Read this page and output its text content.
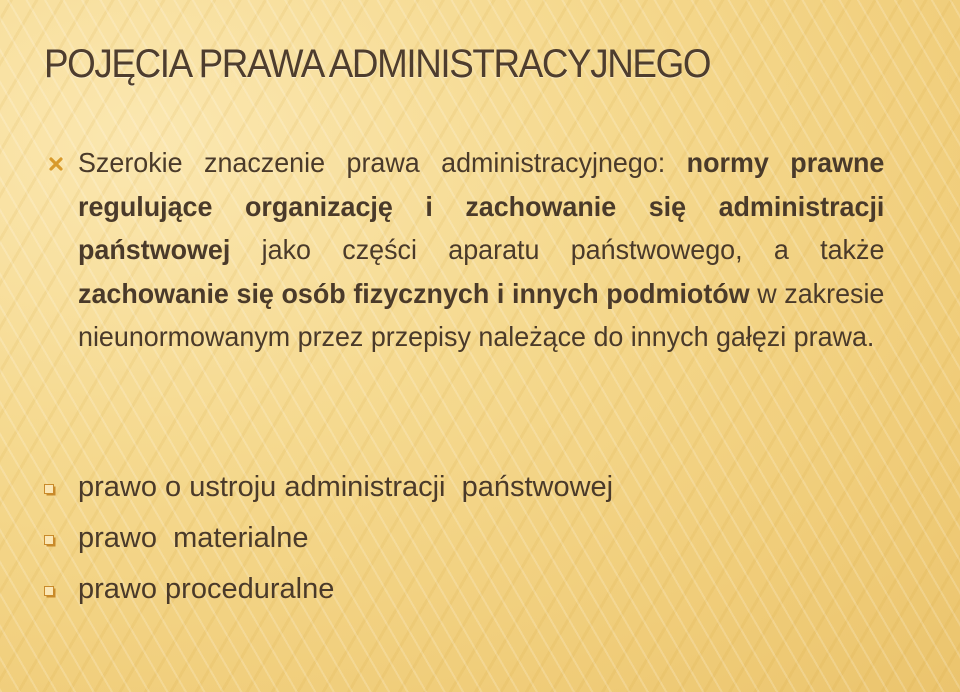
POJĘCIA PRAWA ADMINISTRACYJNEGO
Szerokie znaczenie prawa administracyjnego: normy prawne regulujące organizację i zachowanie się administracji państwowej jako części aparatu państwowego, a także zachowanie się osób fizycznych i innych podmiotów w zakresie nieunormowanym przez przepisy należące do innych gałęzi prawa.
prawo o ustroju administracji  państwowej
prawo  materialne
prawo proceduralne
